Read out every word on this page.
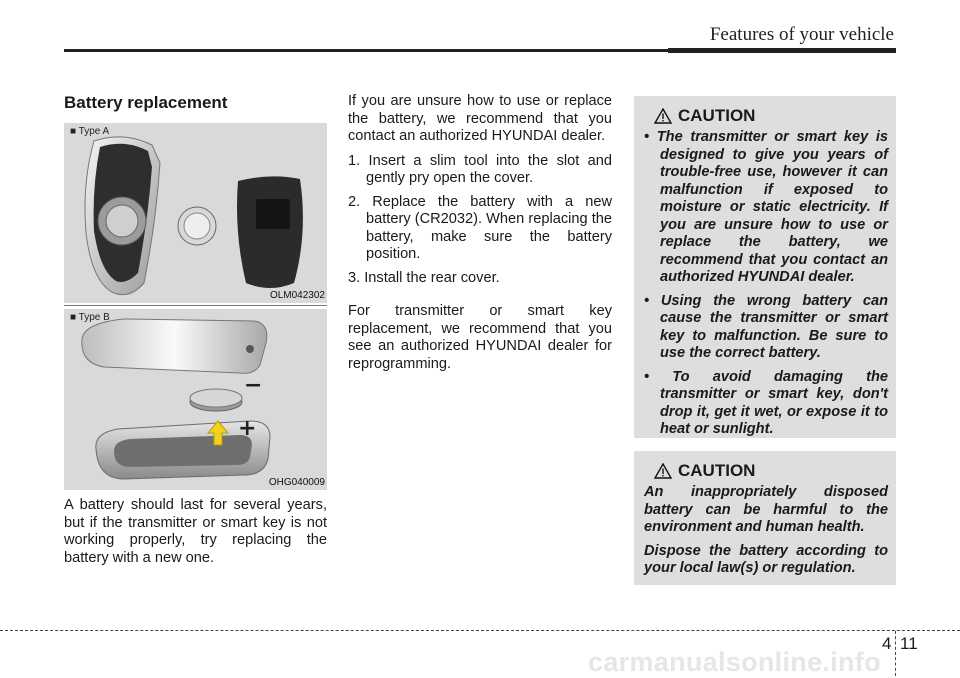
Features of your vehicle
Battery replacement
■ Type A
OLM042302
−
+
■ Type B
OHG040009
A battery should last for several years, but if the transmitter or smart key is not working properly, try replacing the battery with a new one.

If you are unsure how to use or replace the battery, we recommend that you contact an authorized HYUNDAI dealer.

1. Insert a slim tool into the slot and gently pry open the cover.

2. Replace the battery with a new battery (CR2032). When replacing the battery, make sure the battery position.

3. Install the rear cover.

For transmitter or smart key replacement, we recommend that you see an authorized HYUNDAI dealer for reprogramming.

CAUTION

• The transmitter or smart key is designed to give you years of trouble-free use, however it can malfunction if exposed to moisture or static electricity. If you are unsure how to use or replace the battery, we recommend that you contact an authorized HYUNDAI dealer.

• Using the wrong battery can cause the transmitter or smart key to malfunction. Be sure to use the correct battery.

• To avoid damaging the transmitter or smart key, don't drop it, get it wet, or expose it to heat or sunlight.

CAUTION

An inappropriately disposed battery can be harmful to the environment and human health.

Dispose the battery according to your local law(s) or regulation.

4 11
carmanualsonline.info
